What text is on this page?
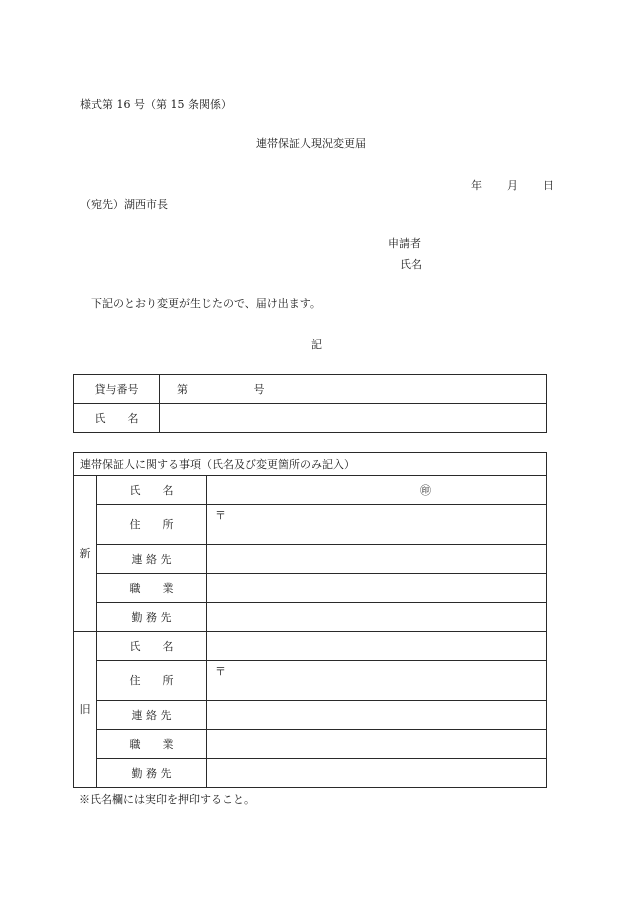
様式第 16 号（第 15 条関係）
連帯保証人現況変更届
年 月 日
（宛先）湖西市長
申請者
氏名
下記のとおり変更が生じたので、届け出ます。
記
貸与番号	第 号
氏　　名	
連帯保証人に関する事項（氏名及び変更箇所のみ記入）		
新	氏　　名	㊞
	住　　所	〒
	連 絡 先	
	職　　業	
	勤 務 先	
旧	氏　　名	
	住　　所	〒
	連 絡 先	
	職　　業	
	勤 務 先	
※氏名欄には実印を押印すること。
